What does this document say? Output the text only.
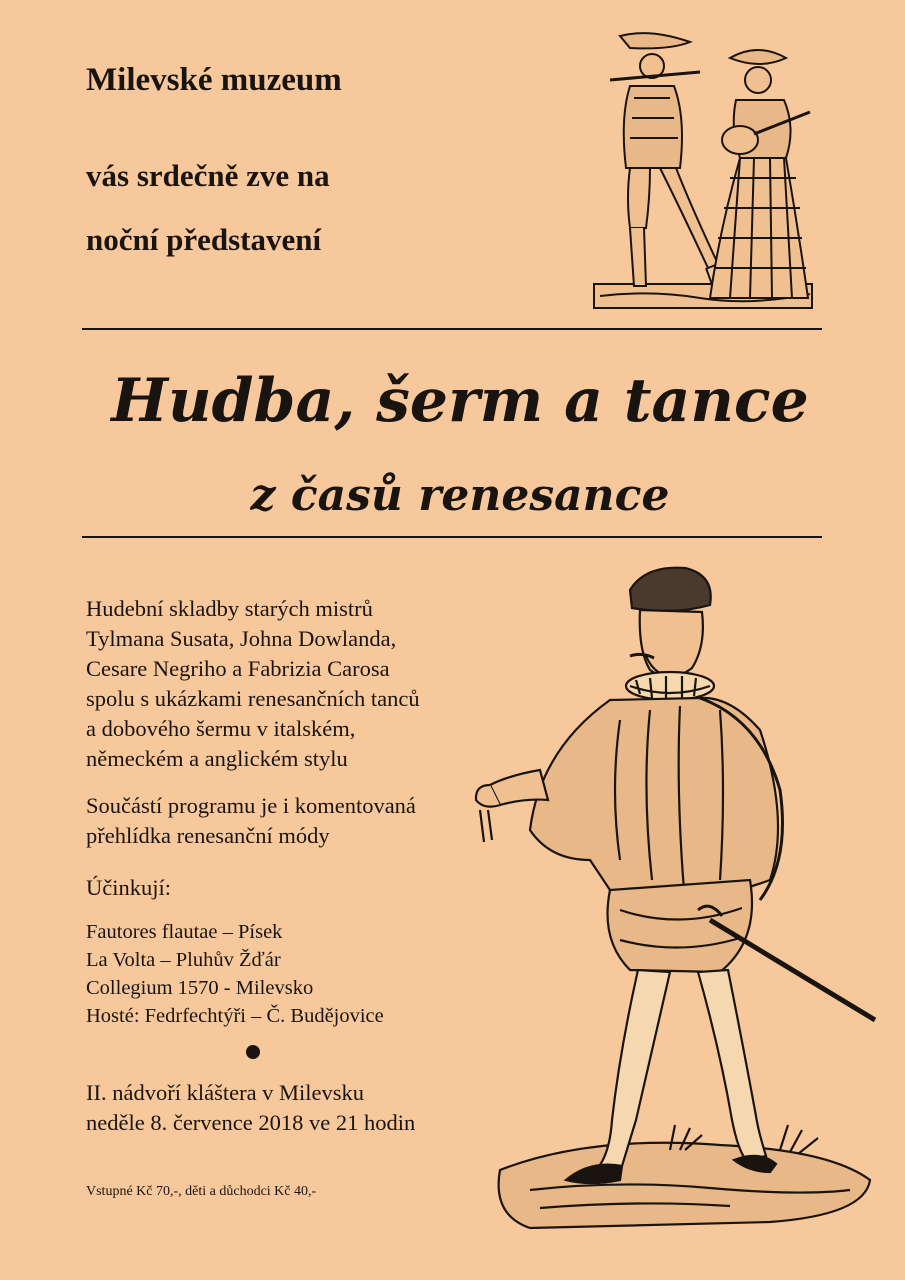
Milevské muzeum
vás srdečně zve na
noční představení
Hudba, šerm a tance
z časů renesance
Hudební skladby starých mistrů
Tylmana Susata, Johna Dowlanda,
Cesare Negriho a Fabrizia Carosa
spolu s ukázkami renesančních tanců
a dobového šermu v italském,
německém a anglickém stylu
Součástí programu je i komentovaná
přehlídka renesanční módy
Účinkují:
Fautores flautae – Písek
La Volta – Pluhův Žďár
Collegium 1570 - Milevsko
Hosté: Fedrfechtýři – Č. Budějovice
II. nádvoří kláštera v Milevsku
neděle 8. července 2018 ve 21 hodin
Vstupné Kč 70,-, děti a důchodci Kč 40,-
